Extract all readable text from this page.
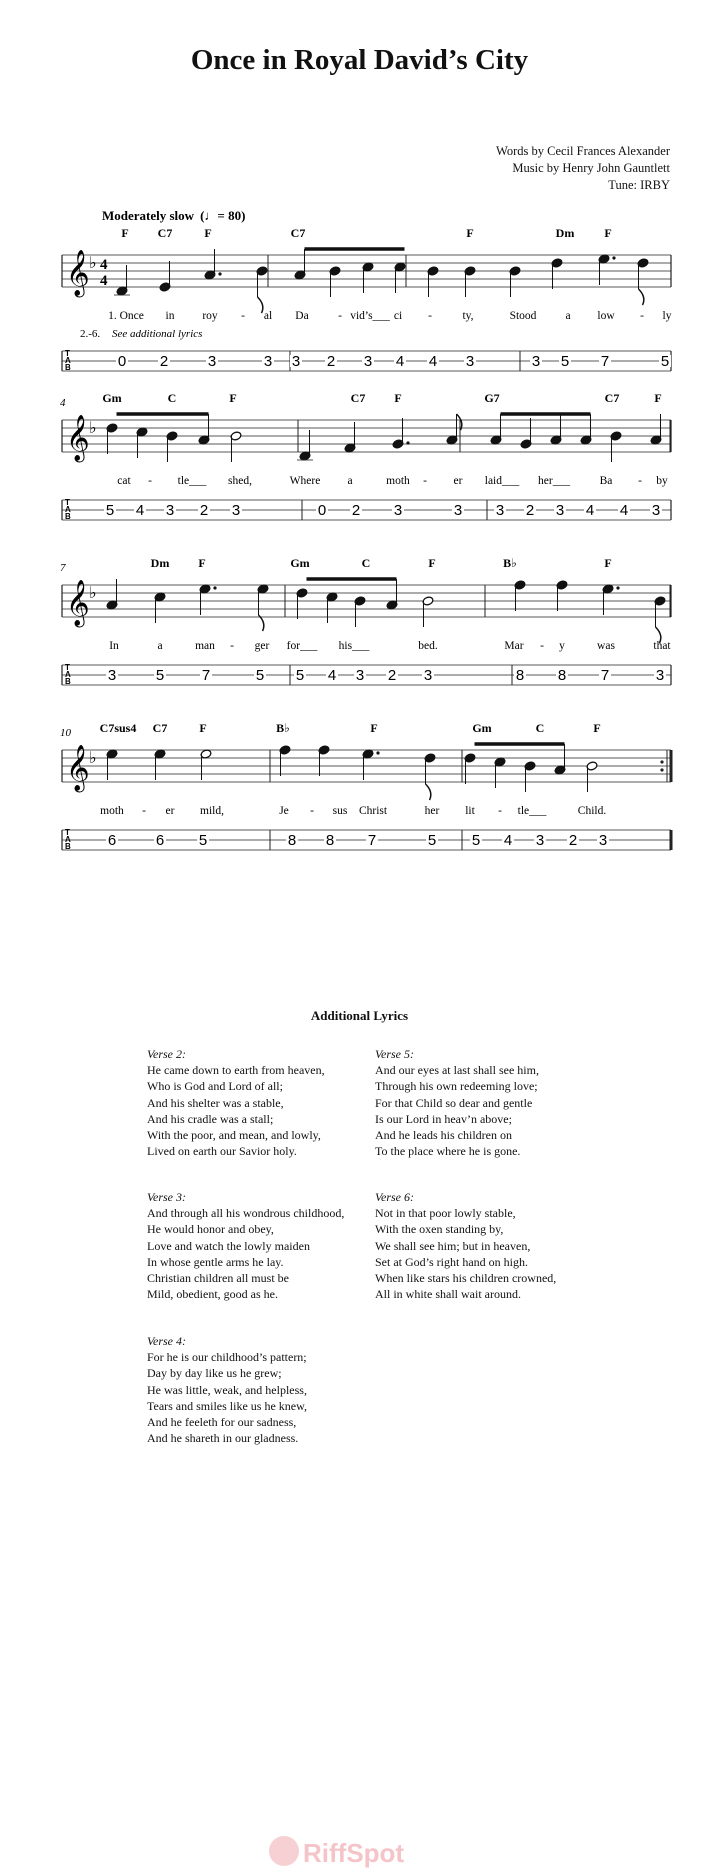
Once in Royal David’s City
Words by Cecil Frances Alexander
Music by Henry John Gauntlett
Tune: IRBY
Moderately slow (♩= 80)
𝄞 ♭ 4
4
F C7	F	C7	F	Dm F
1. Once in roy - al Da	- vid’s___ ci -	ty,	Stood	a low - ly
2.-6. See additional lyrics
T A B	0 2	3	3 3 2 3 4 4 3	3 5 7	5
𝄞 ♭
4	Gm	C	F	C7 F	G7	C7	F
cat - tle___ shed,	Where a	moth - er laid___ her___	Ba - by
T A B 5 4 3 2 3	0 2 3	3 3 2 3 4 4 3
𝄞 ♭
7	Dm F	Gm	C	F	B♭	F
In	a	man - ger for___ his___	bed.	Mar - y	was	that
T A B 3	5	7	5 5 4 3 2 3	8 8 7	3
𝄞 ♭
10 C7sus4 C7	F	B♭	F	Gm	C	F
moth - er mild,	Je - sus Christ	her lit - tle___	Child.
T A B 6	6 5	8 8 7	5 5 4 3 2 3
Additional Lyrics
Verse 2:
He came down to earth from heaven,
Who is God and Lord of all;
And his shelter was a stable,
And his cradle was a stall;
With the poor, and mean, and lowly,
Lived on earth our Savior holy.
Verse 3:
And through all his wondrous childhood,
He would honor and obey,
Love and watch the lowly maiden
In whose gentle arms he lay.
Christian children all must be
Mild, obedient, good as he.
Verse 4:
For he is our childhood’s pattern;
Day by day like us he grew;
He was little, weak, and helpless,
Tears and smiles like us he knew,
And he feeleth for our sadness,
And he shareth in our gladness.
Verse 5:
And our eyes at last shall see him,
Through his own redeeming love;
For that Child so dear and gentle
Is our Lord in heav’n above;
And he leads his children on
To the place where he is gone.
Verse 6:
Not in that poor lowly stable,
With the oxen standing by,
We shall see him; but in heaven,
Set at God’s right hand on high.
When like stars his children crowned,
All in white shall wait around.
RiffSpot
